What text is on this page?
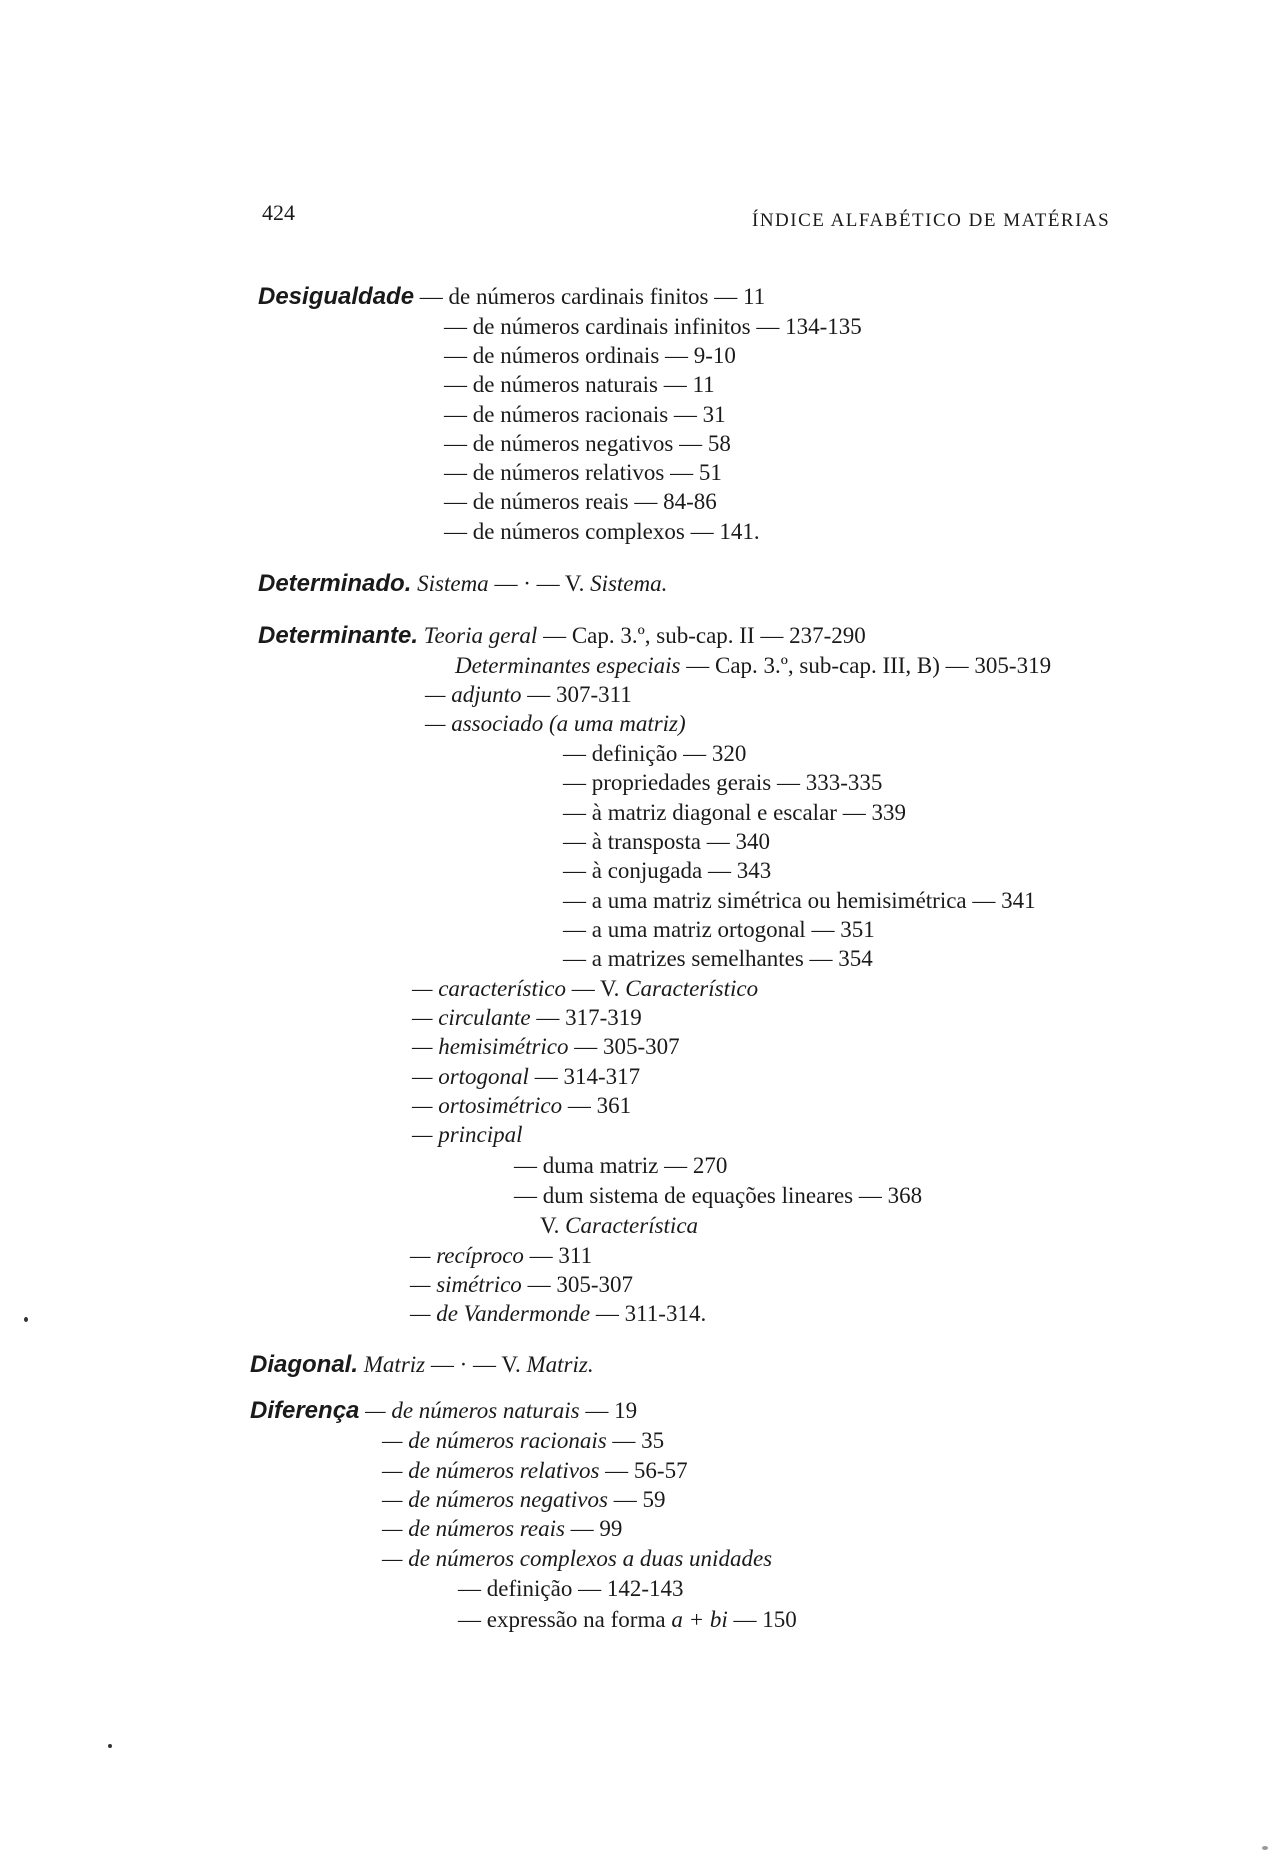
424	ÍNDICE ALFABÉTICO DE MATÉRIAS
Desigualdade — de números cardinais finitos — 11
— de números cardinais infinitos — 134-135
— de números ordinais — 9-10
— de números naturais — 11
— de números racionais — 31
— de números negativos — 58
— de números relativos — 51
— de números reais — 84-86
— de números complexos — 141.
Determinado. Sistema — · — V. Sistema.
Determinante. Teoria geral — Cap. 3.º, sub-cap. II — 237-290
Determinantes especiais — Cap. 3.º, sub-cap. III, B) — 305-319
— adjunto — 307-311
— associado (a uma matriz)
— definição — 320
— propriedades gerais — 333-335
— à matriz diagonal e escalar — 339
— à transposta — 340
— à conjugada — 343
— a uma matriz simétrica ou hemisimétrica — 341
— a uma matriz ortogonal — 351
— a matrizes semelhantes — 354
— característico — V. Característico
— circulante — 317-319
— hemisimétrico — 305-307
— ortogonal — 314-317
— ortosimétrico — 361
— principal
— duma matriz — 270
— dum sistema de equações lineares — 368
V. Característica
— recíproco — 311
— simétrico — 305-307
— de Vandermonde — 311-314.
Diagonal. Matriz — · — V. Matriz.
Diferença — de números naturais — 19
— de números racionais — 35
— de números relativos — 56-57
— de números negativos — 59
— de números reais — 99
— de números complexos a duas unidades
— definição — 142-143
— expressão na forma a + bi — 150
